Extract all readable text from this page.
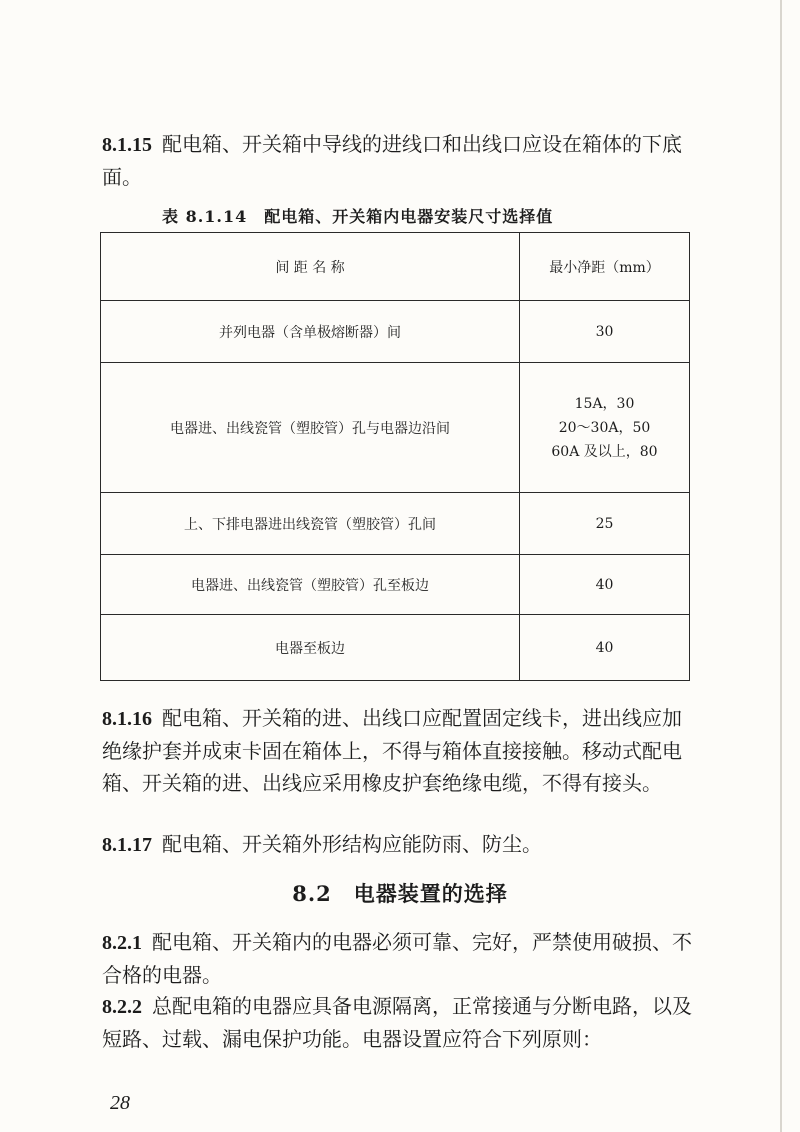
8.1.15 配电箱、开关箱中导线的进线口和出线口应设在箱体的下底面。

表 8.1.14　配电箱、开关箱内电器安装尺寸选择值
间 距 名 称	最小净距（mm）
并列电器（含单极熔断器）间	30
电器进、出线瓷管（塑胶管）孔与电器边沿间	15A，30
20～30A，50
60A 及以上，80

上、下排电器进出线瓷管（塑胶管）孔间	25
电器进、出线瓷管（塑胶管）孔至板边	40
电器至板边	40

8.1.16 配电箱、开关箱的进、出线口应配置固定线卡，进出线应加绝缘护套并成束卡固在箱体上，不得与箱体直接接触。移动式配电箱、开关箱的进、出线应采用橡皮护套绝缘电缆，不得有接头。

8.1.17 配电箱、开关箱外形结构应能防雨、防尘。

8.2　电器装置的选择

8.2.1 配电箱、开关箱内的电器必须可靠、完好，严禁使用破损、不合格的电器。

8.2.2 总配电箱的电器应具备电源隔离，正常接通与分断电路，以及短路、过载、漏电保护功能。电器设置应符合下列原则：

28
